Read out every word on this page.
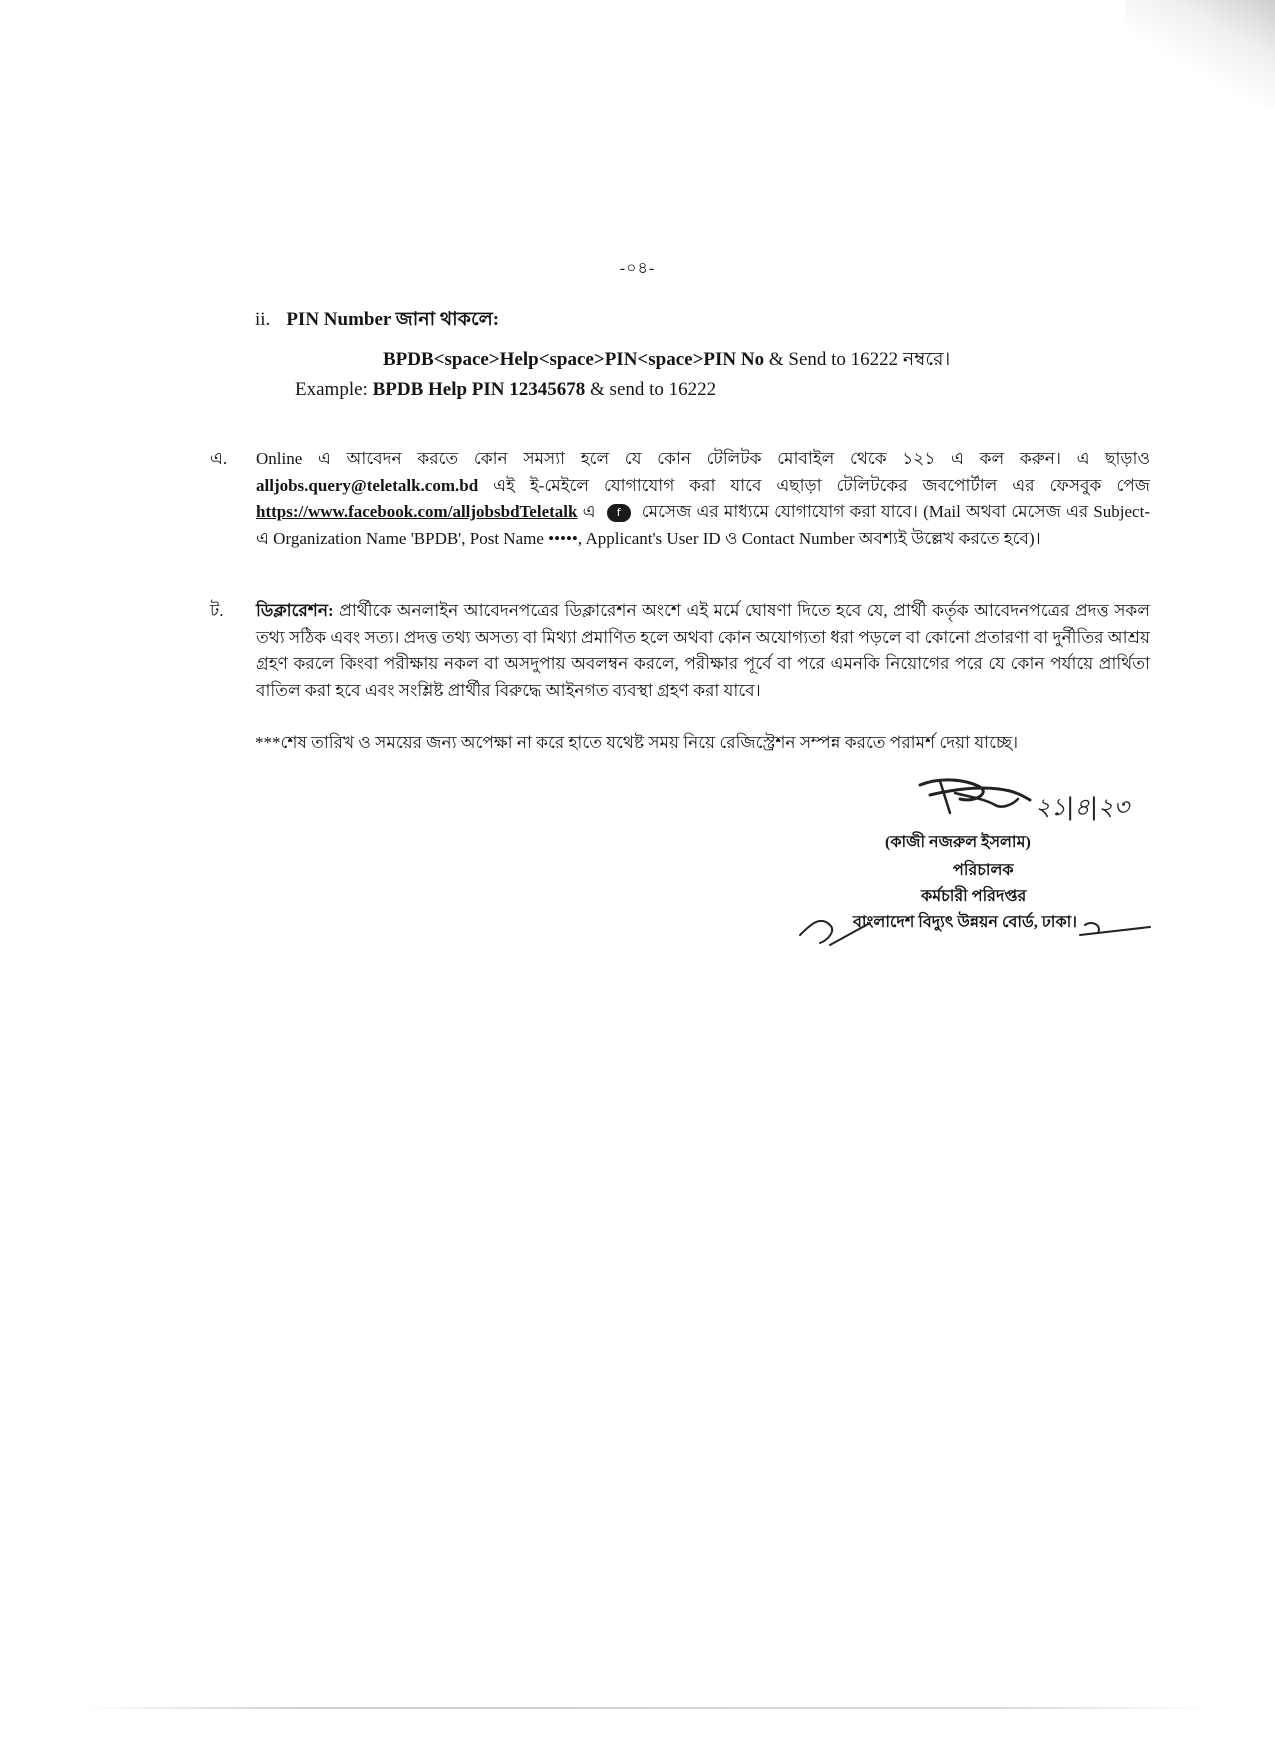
-০৪-
ii. PIN Number জানা থাকলে:
BPDB<space>Help<space>PIN<space>PIN No & Send to 16222 নম্বরে।
Example: BPDB Help PIN 12345678 & send to 16222
এ.	Online এ আবেদন করতে কোন সমস্যা হলে যে কোন টেলিটক মোবাইল থেকে ১২১ এ কল করুন। এ ছাড়াও alljobs.query@teletalk.com.bd এই ই-মেইলে যোগাযোগ করা যাবে এছাড়া টেলিটকের জবপোর্টাল এর ফেসবুক পেজ https://www.facebook.com/alljobsbdTeletalk এ f মেসেজ এর মাধ্যমে যোগাযোগ করা যাবে। (Mail অথবা মেসেজ এর Subject-এ Organization Name 'BPDB', Post Name •••••, Applicant's User ID ও Contact Number অবশ্যই উল্লেখ করতে হবে)।
ট.	ডিক্লারেশন: প্রার্থীকে অনলাইন আবেদনপত্রের ডিক্লারেশন অংশে এই মর্মে ঘোষণা দিতে হবে যে, প্রার্থী কর্তৃক আবেদনপত্রের প্রদত্ত সকল তথ্য সঠিক এবং সত্য। প্রদত্ত তথ্য অসত্য বা মিথ্যা প্রমাণিত হলে অথবা কোন অযোগ্যতা ধরা পড়লে বা কোনো প্রতারণা বা দুর্নীতির আশ্রয় গ্রহণ করলে কিংবা পরীক্ষায় নকল বা অসদুপায় অবলম্বন করলে, পরীক্ষার পূর্বে বা পরে এমনকি নিয়োগের পরে যে কোন পর্যায়ে প্রার্থিতা বাতিল করা হবে এবং সংশ্লিষ্ট প্রার্থীর বিরুদ্ধে আইনগত ব্যবস্থা গ্রহণ করা যাবে।
***শেষ তারিখ ও সময়ের জন্য অপেক্ষা না করে হাতে যথেষ্ট সময় নিয়ে রেজিস্ট্রেশন সম্পন্ন করতে পরামর্শ দেয়া যাচ্ছে।
২১|৪|২৩
(কাজী নজরুল ইসলাম)
পরিচালক
কর্মচারী পরিদপ্তর
বাংলাদেশ বিদ্যুৎ উন্নয়ন বোর্ড, ঢাকা।
